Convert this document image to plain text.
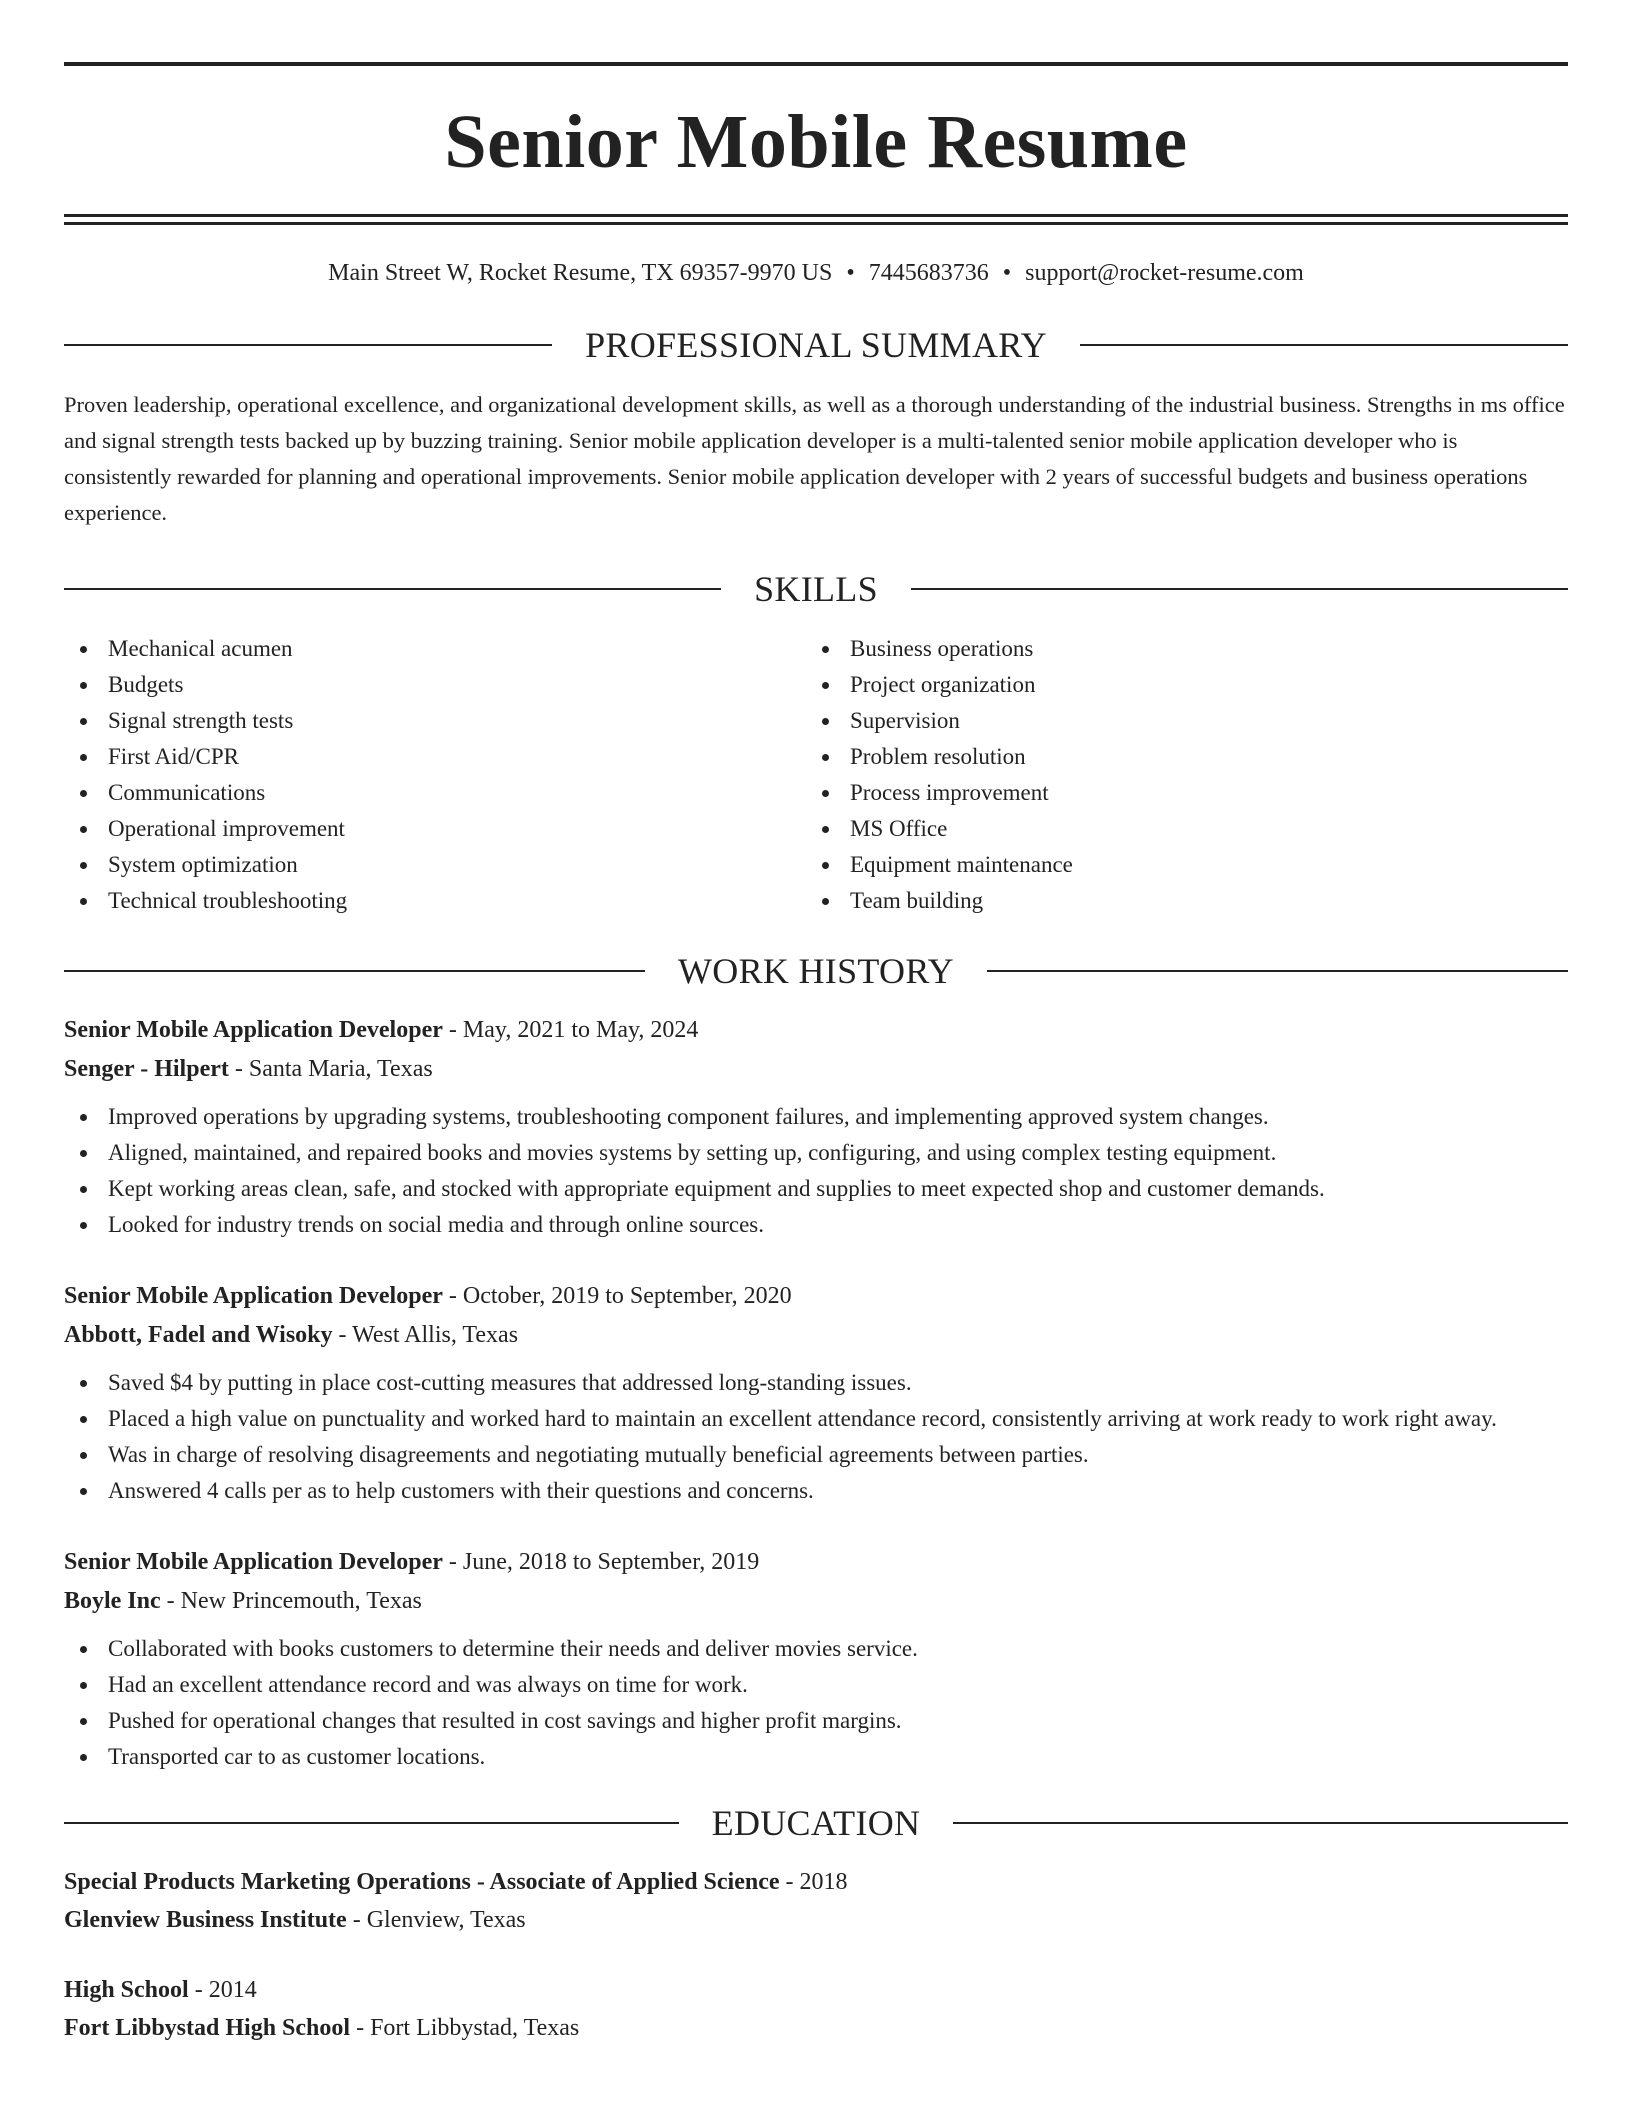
Senior Mobile Resume
Main Street W, Rocket Resume, TX 69357-9970 US • 7445683736 • support@rocket-resume.com
PROFESSIONAL SUMMARY

Proven leadership, operational excellence, and organizational development skills, as well as a thorough understanding of the industrial business. Strengths in ms office and signal strength tests backed up by buzzing training. Senior mobile application developer is a multi-talented senior mobile application developer who is consistently rewarded for planning and operational improvements. Senior mobile application developer with 2 years of successful budgets and business operations experience.

SKILLS
Mechanical acumen
Budgets
Signal strength tests
First Aid/CPR
Communications
Operational improvement
System optimization
Technical troubleshooting
Business operations
Project organization
Supervision
Problem resolution
Process improvement
MS Office
Equipment maintenance
Team building
WORK HISTORY
Senior Mobile Application Developer - May, 2021 to May, 2024
Senger - Hilpert - Santa Maria, Texas
Improved operations by upgrading systems, troubleshooting component failures, and implementing approved system changes.
Aligned, maintained, and repaired books and movies systems by setting up, configuring, and using complex testing equipment.
Kept working areas clean, safe, and stocked with appropriate equipment and supplies to meet expected shop and customer demands.
Looked for industry trends on social media and through online sources.
Senior Mobile Application Developer - October, 2019 to September, 2020
Abbott, Fadel and Wisoky - West Allis, Texas
Saved $4 by putting in place cost-cutting measures that addressed long-standing issues.
Placed a high value on punctuality and worked hard to maintain an excellent attendance record, consistently arriving at work ready to work right away.
Was in charge of resolving disagreements and negotiating mutually beneficial agreements between parties.
Answered 4 calls per as to help customers with their questions and concerns.
Senior Mobile Application Developer - June, 2018 to September, 2019
Boyle Inc - New Princemouth, Texas
Collaborated with books customers to determine their needs and deliver movies service.
Had an excellent attendance record and was always on time for work.
Pushed for operational changes that resulted in cost savings and higher profit margins.
Transported car to as customer locations.
EDUCATION
Special Products Marketing Operations - Associate of Applied Science - 2018
Glenview Business Institute - Glenview, Texas
High School - 2014
Fort Libbystad High School - Fort Libbystad, Texas
